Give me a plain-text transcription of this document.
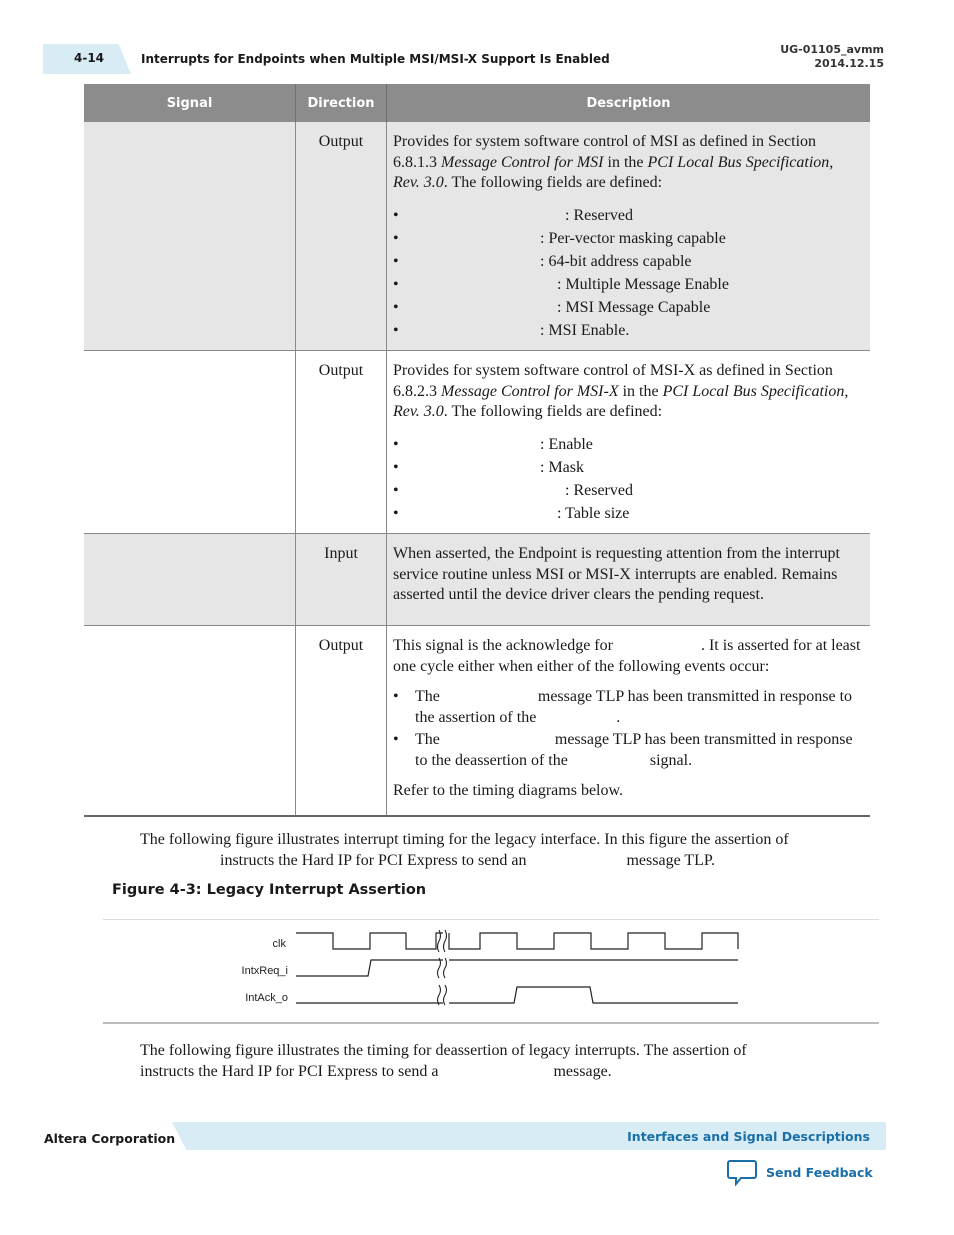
4-14	Interrupts for Endpoints when Multiple MSI/MSI-X Support Is Enabled
UG-01105_avmm
2014.12.15
Signal	Direction	Description
Output	Provides for system software control of MSI as defined in Section 6.8.1.3 Message Control for MSI in the PCI Local Bus Specification, Rev. 3.0. The following fields are defined:

• : Reserved
• : Per-vector masking capable
• : 64-bit address capable
• : Multiple Message Enable
• : MSI Message Capable
• : MSI Enable.
Output	Provides for system software control of MSI-X as defined in Section 6.8.2.3 Message Control for MSI-X in the PCI Local Bus Specification, Rev. 3.0. The following fields are defined:

• : Enable
• : Mask
• : Reserved
• : Table size
Input	When asserted, the Endpoint is requesting attention from the interrupt service routine unless MSI or MSI-X interrupts are enabled. Remains asserted until the device driver clears the pending request.

Output	This signal is the acknowledge for	. It is asserted for at least one cycle either when either of the following events occur:

• The	message TLP has been transmitted in response to the assertion of the	.
• The	message TLP has been transmitted in response to the deassertion of the	signal.

Refer to the timing diagrams below.

The following figure illustrates interrupt timing for the legacy interface. In this figure the assertion of
instructs the Hard IP for PCI Express to send an	message TLP.
Figure 4-3: Legacy Interrupt Assertion
clk
IntxReq_i
IntAck_o
The following figure illustrates the timing for deassertion of legacy interrupts. The assertion of
instructs the Hard IP for PCI Express to send a	message.
Altera Corporation	Interfaces and Signal Descriptions
Send Feedback
